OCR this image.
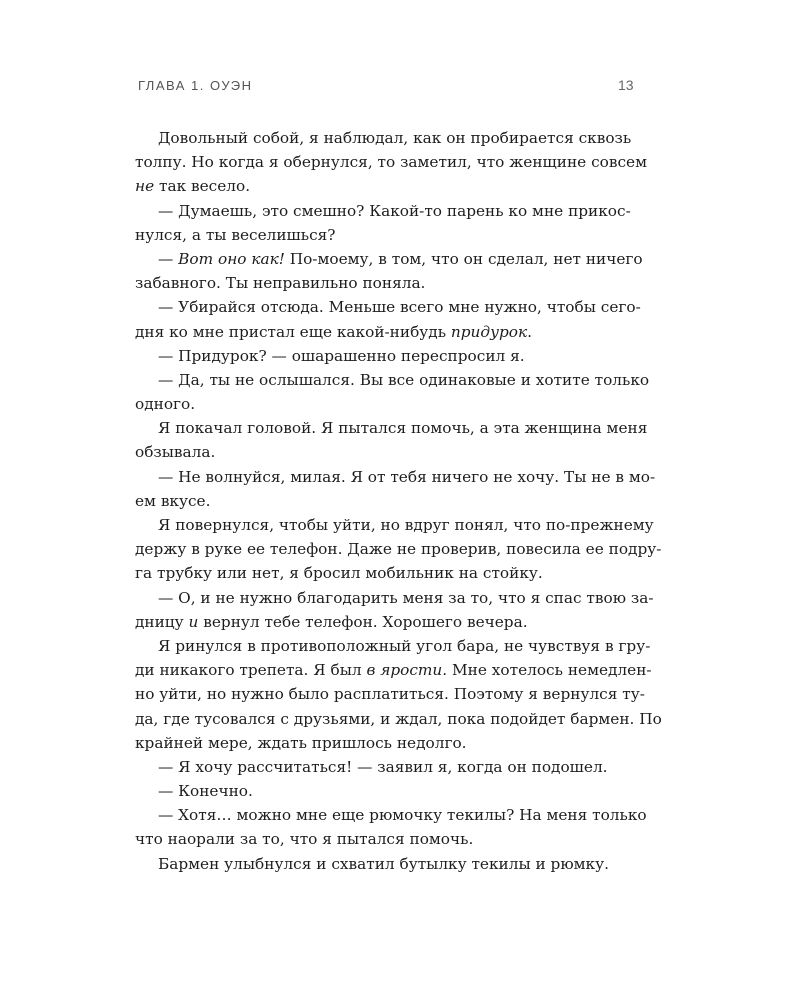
ГЛАВА 1. ОУЭН	13
Довольный собой, я наблюдал, как он пробирается сквозь
толпу. Но когда я обернулся, то заметил, что женщине совсем
не так весело.
— Думаешь, это смешно? Какой-то парень ко мне прикос-
нулся, а ты веселишься?
— Вот оно как! По-моему, в том, что он сделал, нет ничего
забавного. Ты неправильно поняла.
— Убирайся отсюда. Меньше всего мне нужно, чтобы сего-
дня ко мне пристал еще какой-нибудь придурок.
— Придурок? — ошарашенно переспросил я.
— Да, ты не ослышался. Вы все одинаковые и хотите только
одного.
Я покачал головой. Я пытался помочь, а эта женщина меня
обзывала.
— Не волнуйся, милая. Я от тебя ничего не хочу. Ты не в мо-
ем вкусе.
Я повернулся, чтобы уйти, но вдруг понял, что по-прежнему
держу в руке ее телефон. Даже не проверив, повесила ее подру-
га трубку или нет, я бросил мобильник на стойку.
— О, и не нужно благодарить меня за то, что я спас твою за-
дницу и вернул тебе телефон. Хорошего вечера.
Я ринулся в противоположный угол бара, не чувствуя в гру-
ди никакого трепета. Я был в ярости. Мне хотелось немедлен-
но уйти, но нужно было расплатиться. Поэтому я вернулся ту-
да, где тусовался с друзьями, и ждал, пока подойдет бармен. По
крайней мере, ждать пришлось недолго.
— Я хочу рассчитаться! — заявил я, когда он подошел.
— Конечно.
— Хотя… можно мне еще рюмочку текилы? На меня только
что наорали за то, что я пытался помочь.
Бармен улыбнулся и схватил бутылку текилы и рюмку.
